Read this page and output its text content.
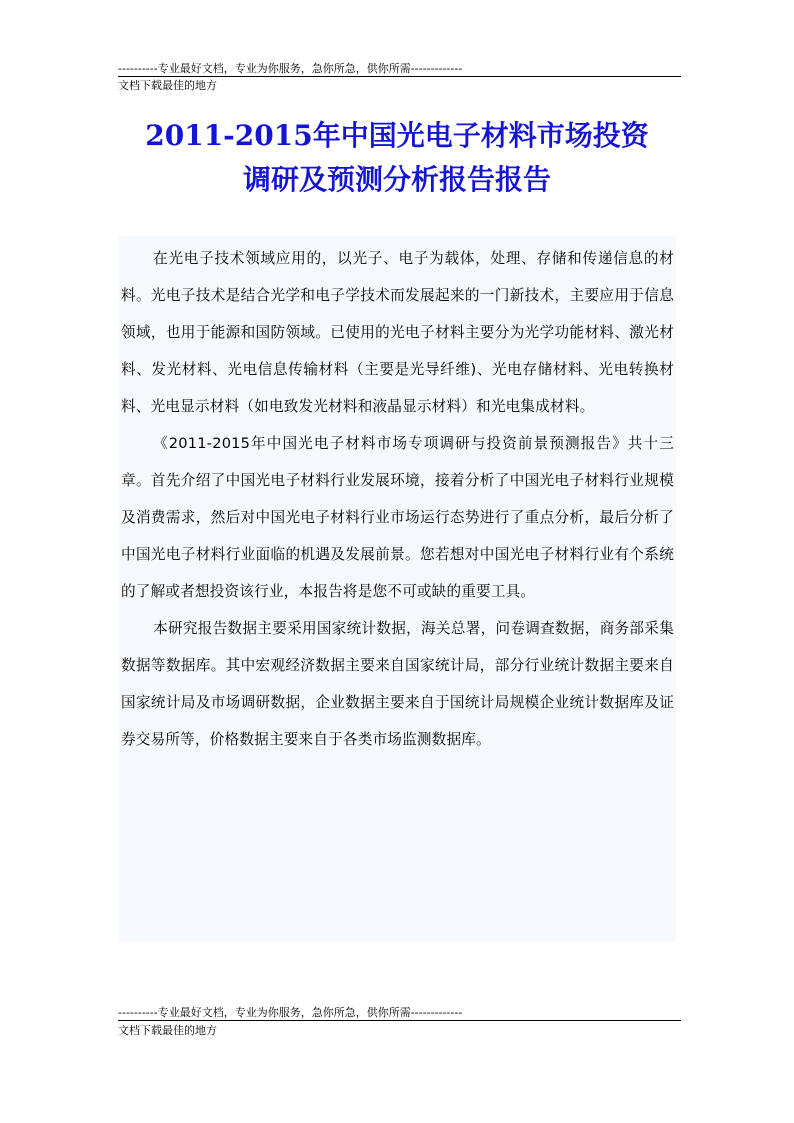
----------专业最好文档，专业为你服务，急你所急，供你所需-------------
文档下载最佳的地方
2011-2015年中国光电子材料市场投资
调研及预测分析报告报告

在光电子技术领域应用的，以光子、电子为载体，处理、存储和传递信息的材料。光电子技术是结合光学和电子学技术而发展起来的一门新技术，主要应用于信息领域，也用于能源和国防领域。已使用的光电子材料主要分为光学功能材料、激光材料、发光材料、光电信息传输材料（主要是光导纤维)、光电存储材料、光电转换材料、光电显示材料（如电致发光材料和液晶显示材料）和光电集成材料。

《2011-2015年中国光电子材料市场专项调研与投资前景预测报告》共十三章。首先介绍了中国光电子材料行业发展环境，接着分析了中国光电子材料行业规模及消费需求，然后对中国光电子材料行业市场运行态势进行了重点分析，最后分析了中国光电子材料行业面临的机遇及发展前景。您若想对中国光电子材料行业有个系统的了解或者想投资该行业，本报告将是您不可或缺的重要工具。

本研究报告数据主要采用国家统计数据，海关总署，问卷调查数据，商务部采集数据等数据库。其中宏观经济数据主要来自国家统计局，部分行业统计数据主要来自国家统计局及市场调研数据，企业数据主要来自于国统计局规模企业统计数据库及证券交易所等，价格数据主要来自于各类市场监测数据库。

----------专业最好文档，专业为你服务，急你所急，供你所需-------------
文档下载最佳的地方
